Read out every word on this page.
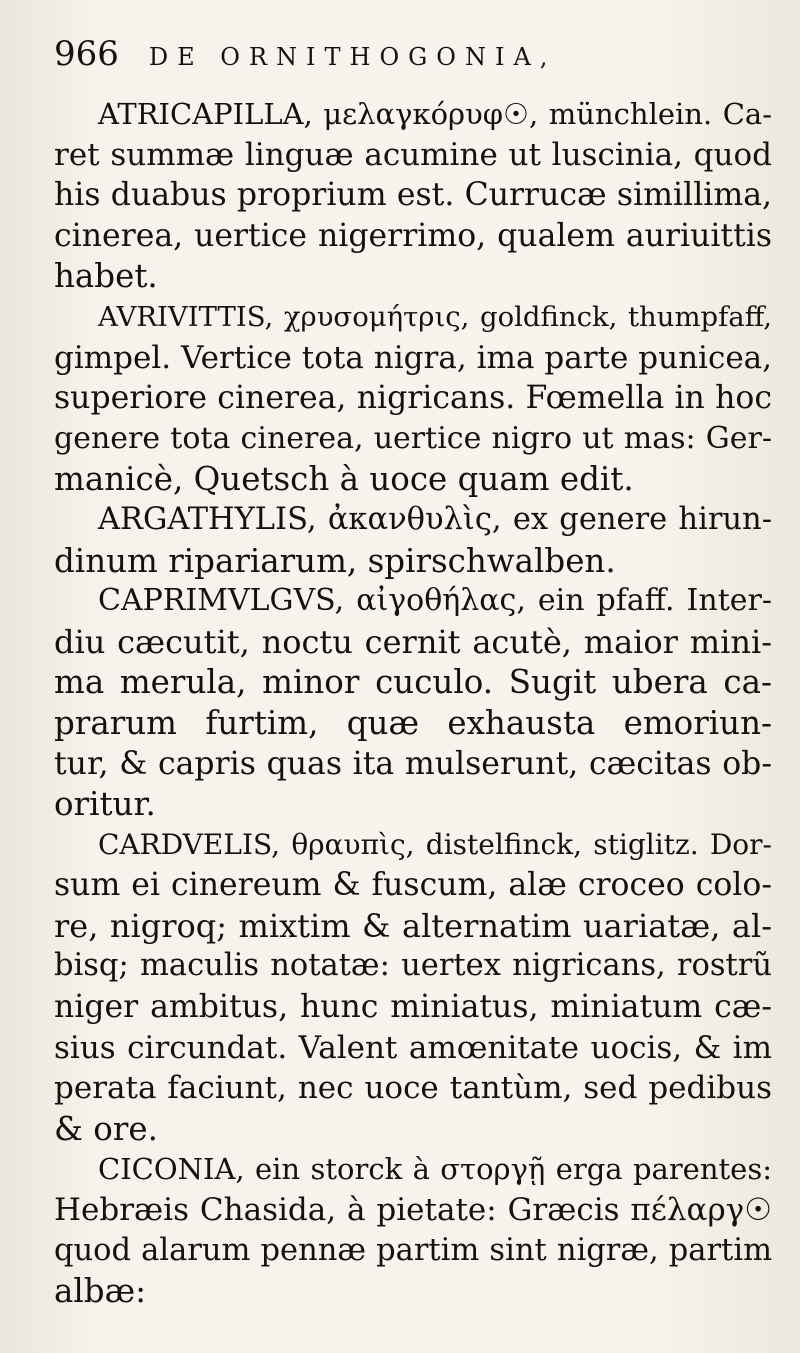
966 DE ORNITHOGONIA,
ATRICAPILLA, μελαγκόρυφ☉, münchlein. Ca-
ret summæ linguæ acumine ut luscinia, quod
his duabus proprium est. Currucæ simillima,
cinerea, uertice nigerrimo, qualem auriuittis
habet.
AVRIVITTIS, χρυσομήτρις, goldfinck, thumpfaff,
gimpel. Vertice tota nigra, ima parte punicea,
superiore cinerea, nigricans. Fœmella in hoc
genere tota cinerea, uertice nigro ut mas: Ger-
manicè, Quetsch à uoce quam edit.
ARGATHYLIS, ἀκανθυλὶς, ex genere hirun-
dinum ripariarum, spirschwalben.
CAPRIMVLGVS, αἰγοθήλας, ein pfaff. Inter-
diu cæcutit, noctu cernit acutè, maior mini-
ma merula, minor cuculo. Sugit ubera ca-
prarum furtim, quæ exhausta emoriun-
tur, & capris quas ita mulserunt, cæcitas ob-
oritur.
CARDVELIS, θραυπὶς, distelfinck, stiglitz. Dor-
sum ei cinereum & fuscum, alæ croceo colo-
re, nigroq; mixtim & alternatim uariatæ, al-
bisq; maculis notatæ: uertex nigricans, rostrũ
niger ambitus, hunc miniatus, miniatum cæ-
sius circundat. Valent amœnitate uocis, & im
perata faciunt, nec uoce tantùm, sed pedibus
& ore.
CICONIA, ein storck à στοργῇ erga parentes:
Hebræis Chasida, à pietate: Græcis πέλαργ☉
quod alarum pennæ partim sint nigræ, partim
albæ:
